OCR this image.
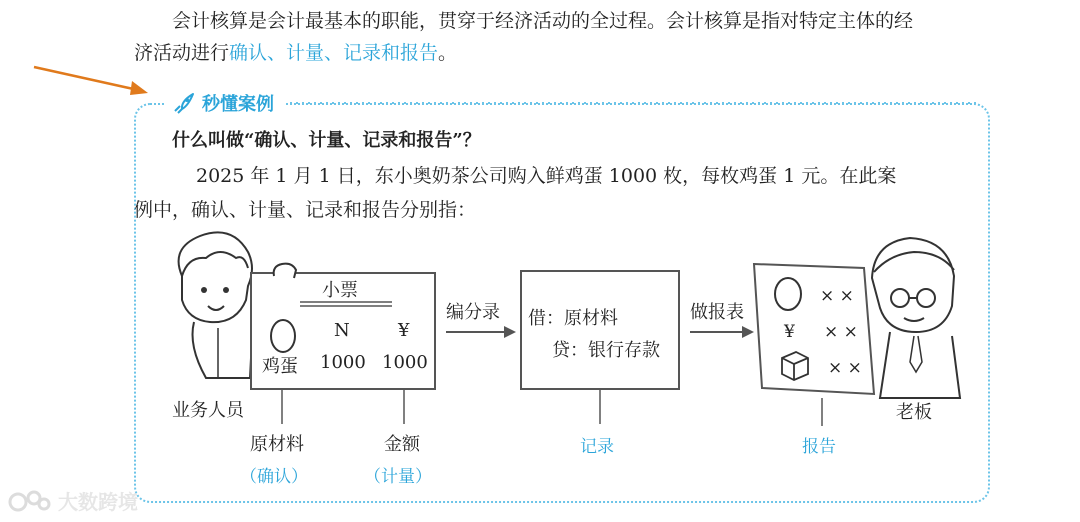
会计核算是会计最基本的职能，贯穿于经济活动的全过程。会计核算是指对特定主体的经
济活动进行确认、计量、记录和报告。
秒懂案例
什么叫做“确认、计量、记录和报告”？
2025 年 1 月 1 日，东小奥奶茶公司购入鲜鸡蛋 1000 枚，每枚鸡蛋 1 元。在此案
例中，确认、计量、记录和报告分别指：
业务人员
小票
N	¥
鸡蛋 1000 1000
编分录 借：原材料
贷：银行存款
做报表
× ×
¥ × ×
× ×
老板
原材料
（确认）
金额
（计量）
记录	报告
大数跨境
